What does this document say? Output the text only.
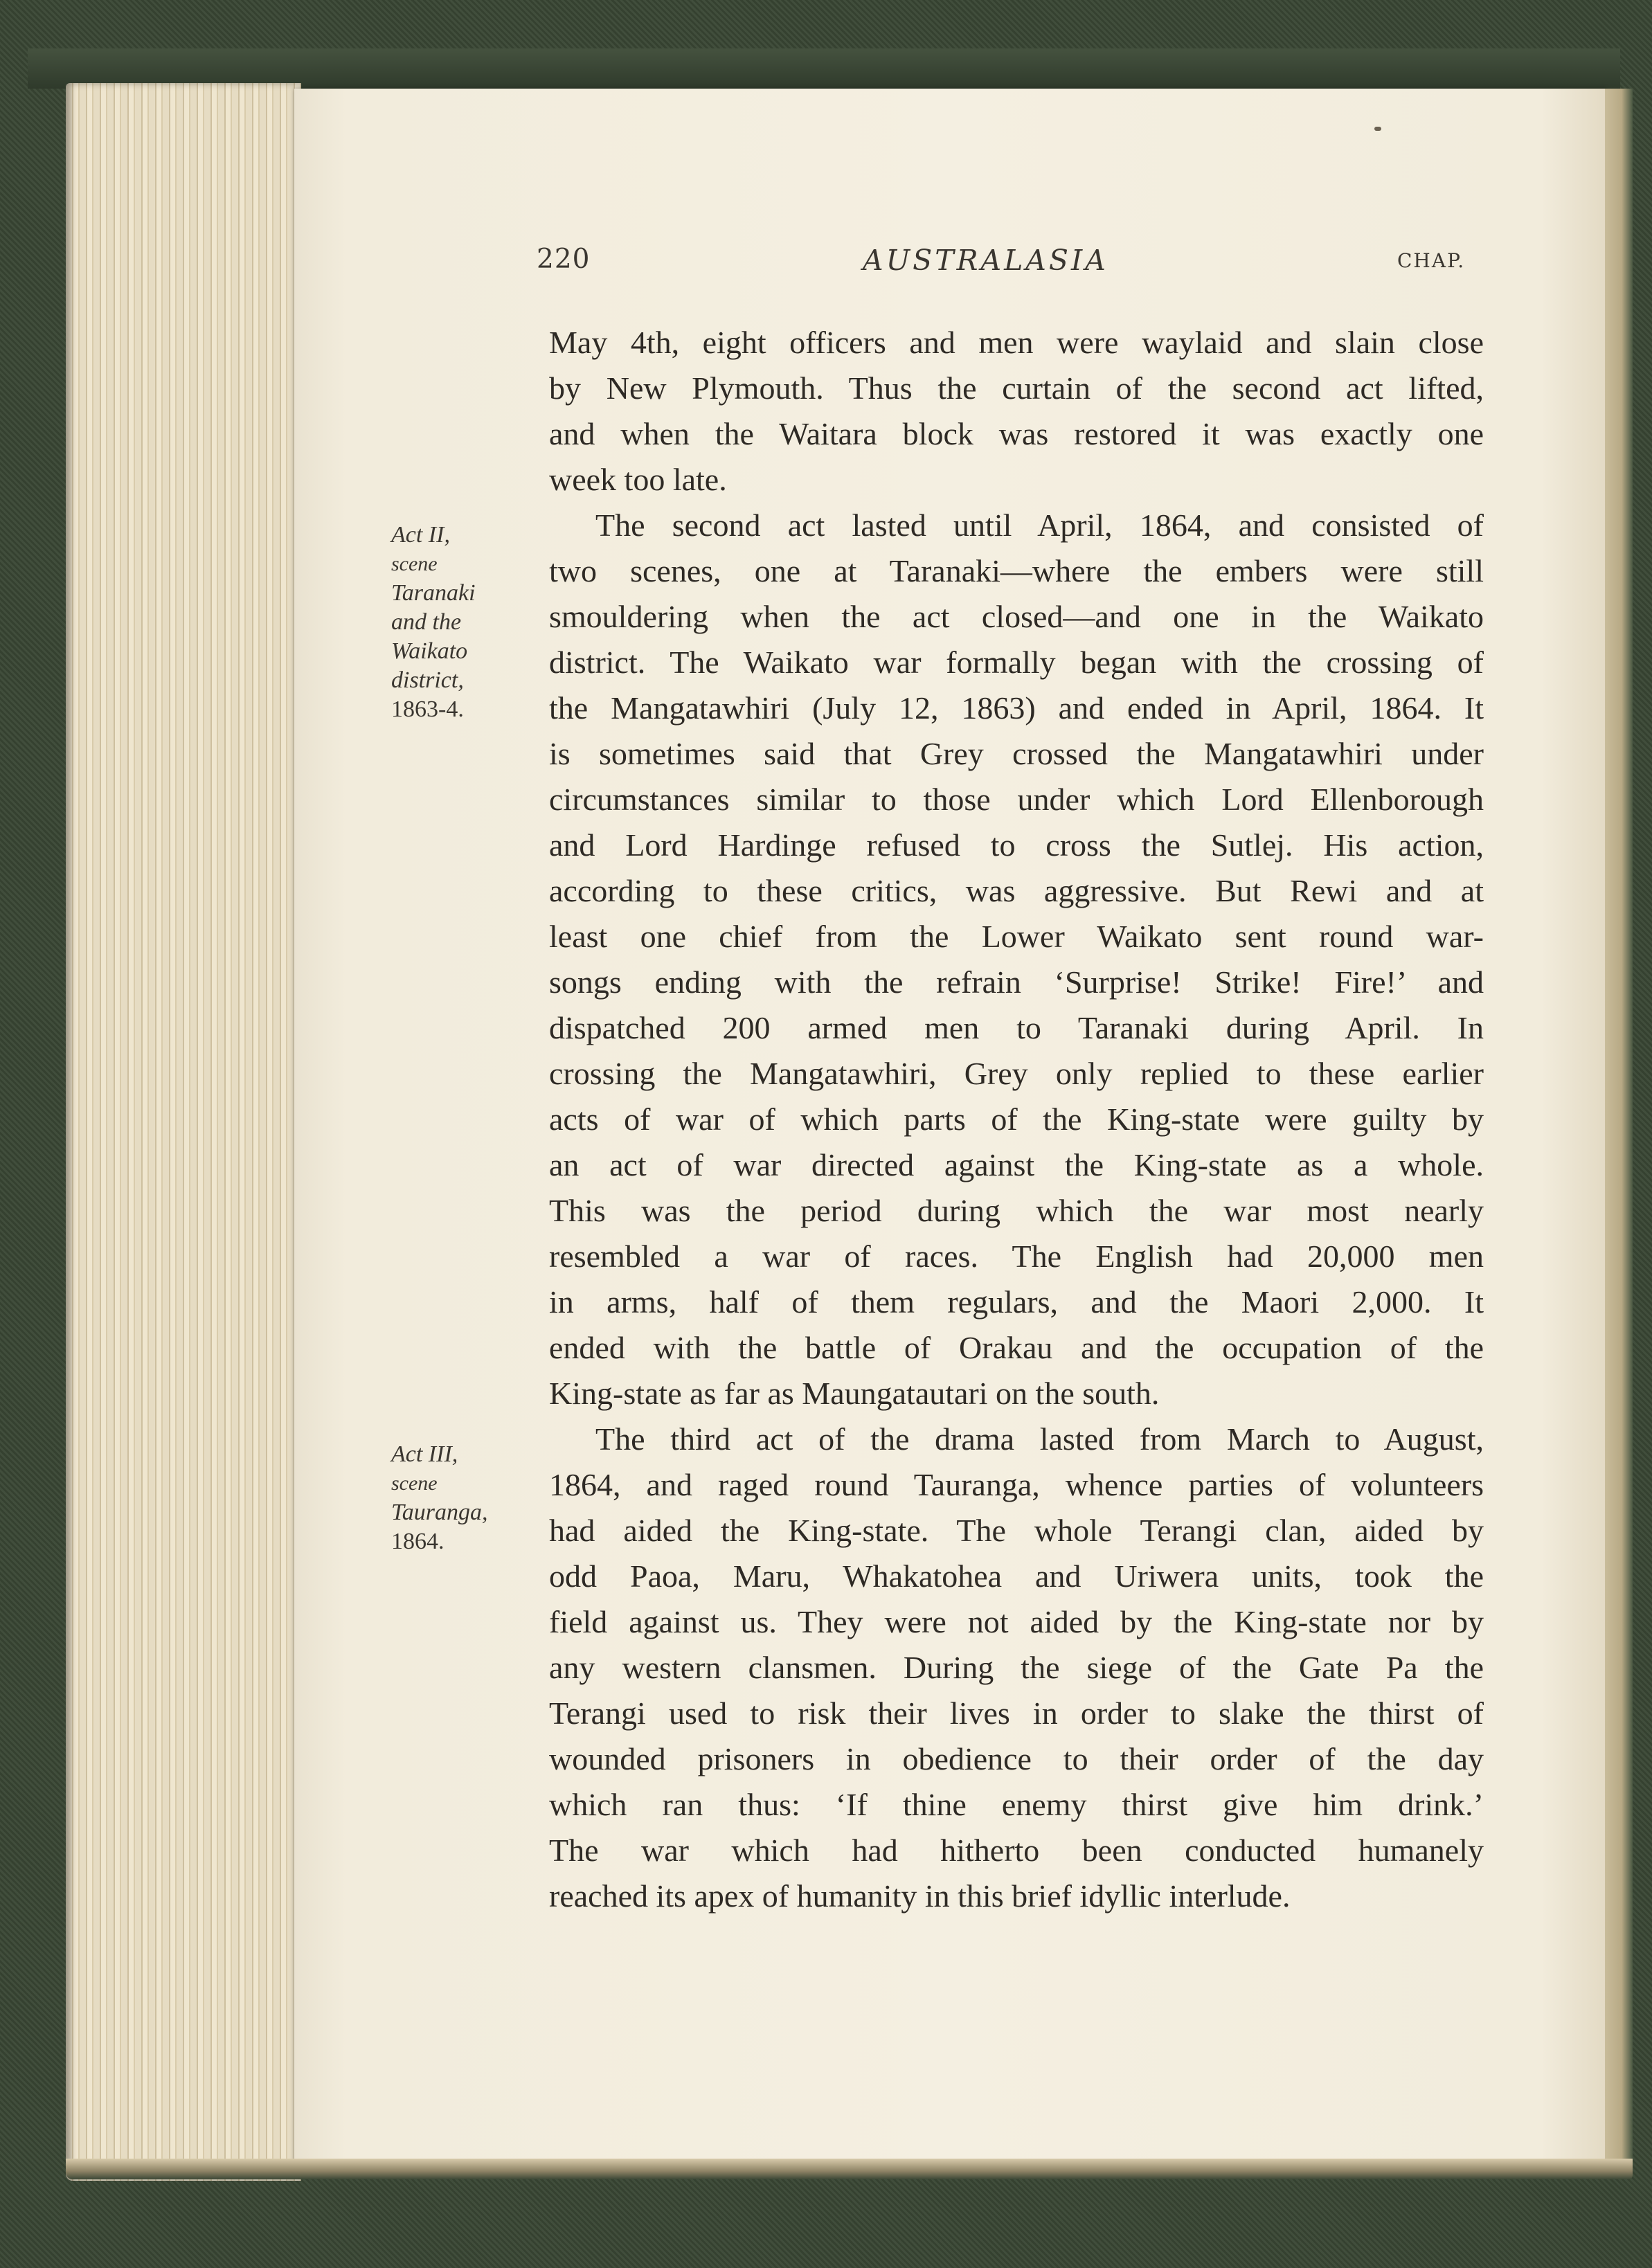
220	AUSTRALASIA	CHAP.
Act II,
scene
Taranaki
and the
Waikato
district,
1863-4.
Act III,
scene
Tauranga,
1864.
May 4th, eight officers and men were waylaid and slain close
by New Plymouth. Thus the curtain of the second act lifted,
and when the Waitara block was restored it was exactly one
week too late.
The second act lasted until April, 1864, and consisted of
two scenes, one at Taranaki—where the embers were still
smouldering when the act closed—and one in the Waikato
district. The Waikato war formally began with the crossing of
the Mangatawhiri (July 12, 1863) and ended in April, 1864. It
is sometimes said that Grey crossed the Mangatawhiri under
circumstances similar to those under which Lord Ellenborough
and Lord Hardinge refused to cross the Sutlej. His action,
according to these critics, was aggressive. But Rewi and at
least one chief from the Lower Waikato sent round war-
songs ending with the refrain ‘Surprise! Strike! Fire!’ and
dispatched 200 armed men to Taranaki during April. In
crossing the Mangatawhiri, Grey only replied to these earlier
acts of war of which parts of the King-state were guilty by
an act of war directed against the King-state as a whole.
This was the period during which the war most nearly
resembled a war of races. The English had 20,000 men
in arms, half of them regulars, and the Maori 2,000. It
ended with the battle of Orakau and the occupation of the
King-state as far as Maungatautari on the south.
The third act of the drama lasted from March to August,
1864, and raged round Tauranga, whence parties of volunteers
had aided the King-state. The whole Terangi clan, aided by
odd Paoa, Maru, Whakatohea and Uriwera units, took the
field against us. They were not aided by the King-state nor by
any western clansmen. During the siege of the Gate Pa the
Terangi used to risk their lives in order to slake the thirst of
wounded prisoners in obedience to their order of the day
which ran thus: ‘If thine enemy thirst give him drink.’
The war which had hitherto been conducted humanely
reached its apex of humanity in this brief idyllic interlude.
